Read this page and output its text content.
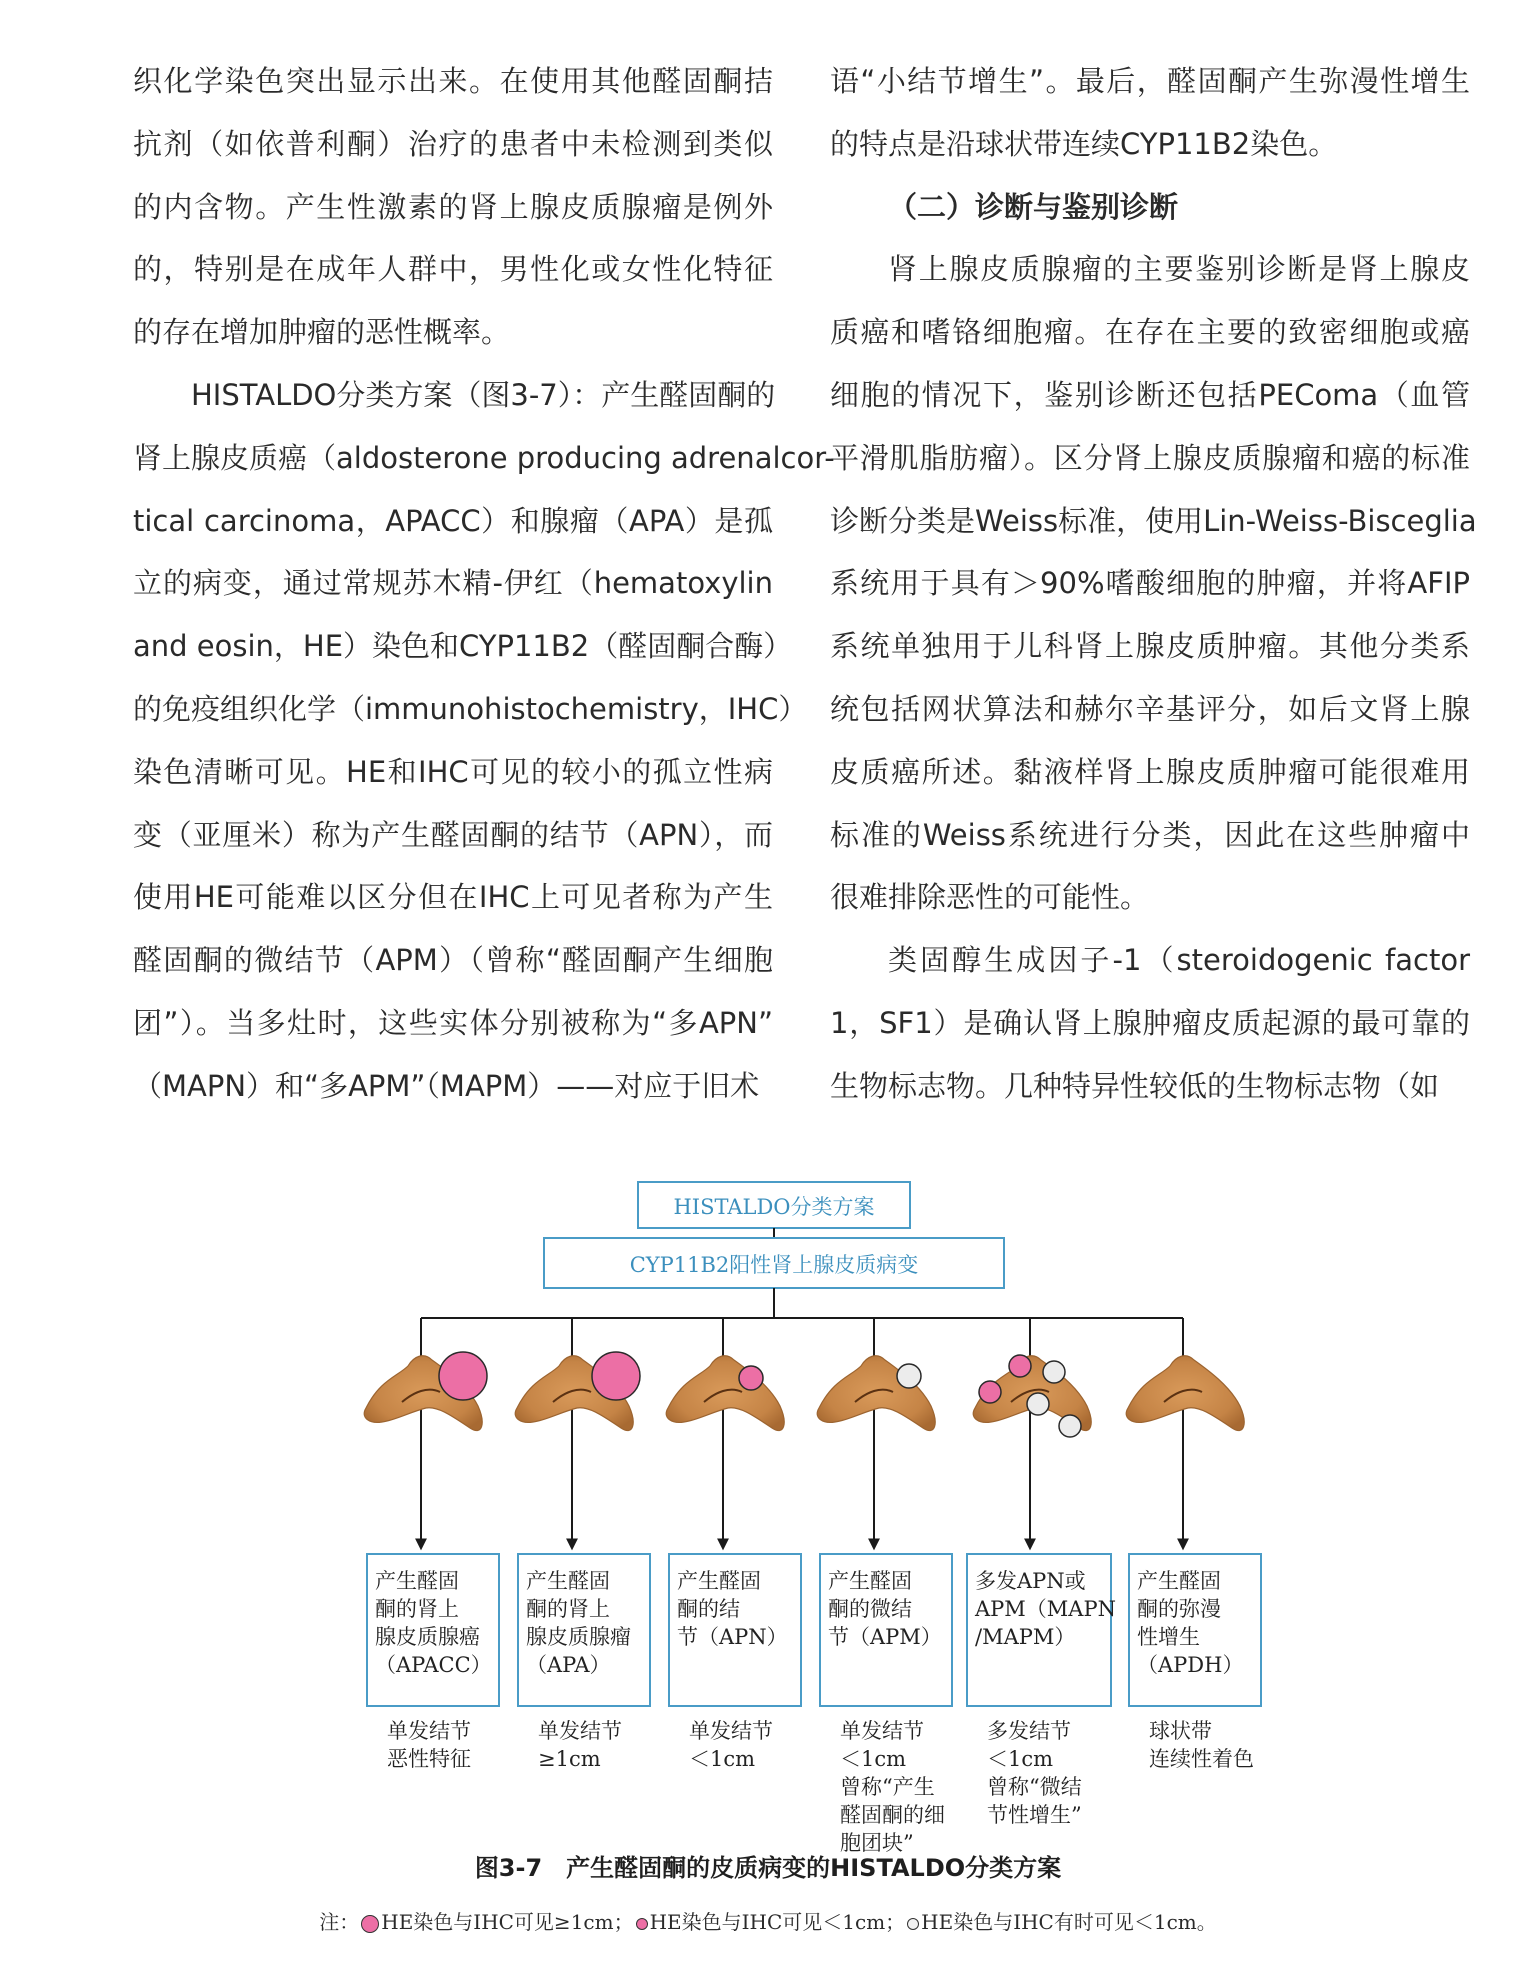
织化学染色突出显示出来。在使用其他醛固酮拮
抗剂（如依普利酮）治疗的患者中未检测到类似
的内含物。产生性激素的肾上腺皮质腺瘤是例外
的，特别是在成年人群中，男性化或女性化特征
的存在增加肿瘤的恶性概率。
HISTALDO分类方案（图3-7）：产生醛固酮的
肾上腺皮质癌（aldosterone producing adrenalcor-
tical carcinoma，APACC）和腺瘤（APA）是孤
立的病变，通过常规苏木精-伊红（hematoxylin
and eosin，HE）染色和CYP11B2（醛固酮合酶）
的免疫组织化学（immunohistochemistry，IHC）
染色清晰可见。HE和IHC可见的较小的孤立性病
变（亚厘米）称为产生醛固酮的结节（APN），而
使用HE可能难以区分但在IHC上可见者称为产生
醛固酮的微结节（APM）（曾称“醛固酮产生细胞
团”）。当多灶时，这些实体分别被称为“多APN”
（MAPN）和“多APM”（MAPM）——对应于旧术
语“小结节增生”。最后，醛固酮产生弥漫性增生
的特点是沿球状带连续CYP11B2染色。
（二）诊断与鉴别诊断
肾上腺皮质腺瘤的主要鉴别诊断是肾上腺皮
质癌和嗜铬细胞瘤。在存在主要的致密细胞或癌
细胞的情况下，鉴别诊断还包括PEComa（血管
平滑肌脂肪瘤）。区分肾上腺皮质腺瘤和癌的标准
诊断分类是Weiss标准，使用Lin-Weiss-Bisceglia
系统用于具有＞90%嗜酸细胞的肿瘤，并将AFIP
系统单独用于儿科肾上腺皮质肿瘤。其他分类系
统包括网状算法和赫尔辛基评分，如后文肾上腺
皮质癌所述。黏液样肾上腺皮质肿瘤可能很难用
标准的Weiss系统进行分类，因此在这些肿瘤中
很难排除恶性的可能性。
类固醇生成因子-1（steroidogenic factor
1，SF1）是确认肾上腺肿瘤皮质起源的最可靠的
生物标志物。几种特异性较低的生物标志物（如
HISTALDO分类方案
CYP11B2阳性肾上腺皮质病变
产生醛固
酮的肾上
腺皮质腺癌
（APACC）
单发结节
恶性特征
产生醛固
酮的肾上
腺皮质腺瘤
（APA）
单发结节
≥1cm
产生醛固
酮的结
节（APN）
单发结节
＜1cm
产生醛固
酮的微结
节（APM）
单发结节
＜1cm
曾称“产生
醛固酮的细
胞团块”
多发APN或
APM（MAPN
/MAPM）
多发结节
＜1cm
曾称“微结
节性增生”
产生醛固
酮的弥漫
性增生
（APDH）
球状带
连续性着色
图3-7　产生醛固酮的皮质病变的HISTALDO分类方案
注： HE染色与IHC可见≥1cm； HE染色与IHC可见＜1cm； HE染色与IHC有时可见＜1cm。
